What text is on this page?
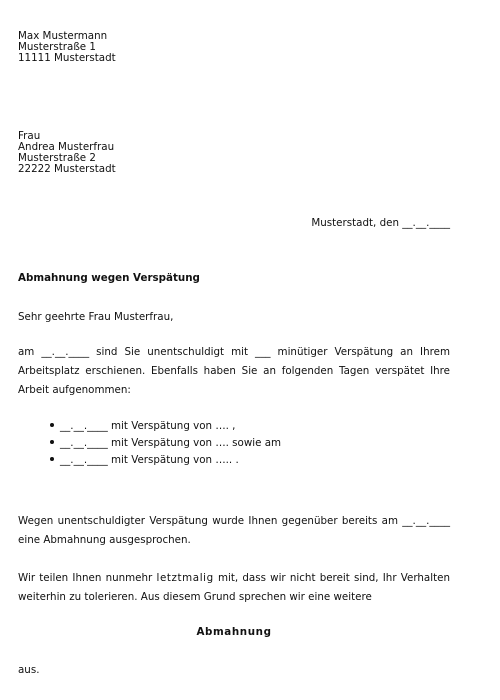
Max Mustermann
Musterstraße 1
11111 Musterstadt
Frau
Andrea Musterfrau
Musterstraße 2
22222 Musterstadt
Musterstadt, den __.__.____
Abmahnung wegen Verspätung
Sehr geehrte Frau Musterfrau,
am __.__.____ sind Sie unentschuldigt mit ___ minütiger Verspätung an Ihrem Arbeitsplatz erschienen. Ebenfalls haben Sie an folgenden Tagen verspätet Ihre Arbeit aufgenommen:
__.__.____ mit Verspätung von …. ,
__.__.____ mit Verspätung von …. sowie am
__.__.____ mit Verspätung von ….. .
Wegen unentschuldigter Verspätung wurde Ihnen gegenüber bereits am __.__.____ eine Abmahnung ausgesprochen.
Wir teilen Ihnen nunmehr letztmalig mit, dass wir nicht bereit sind, Ihr Verhalten weiterhin zu tolerieren. Aus diesem Grund sprechen wir eine weitere
Abmahnung
aus.
